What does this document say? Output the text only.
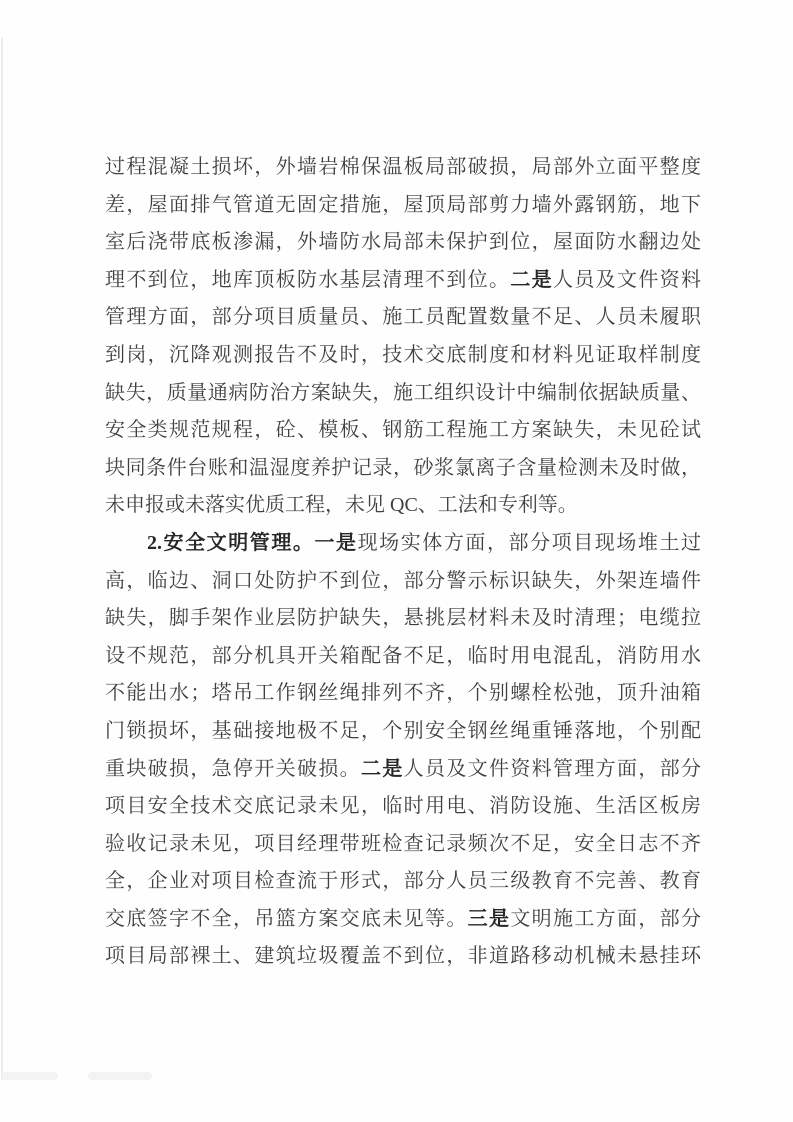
过程混凝土损坏，外墙岩棉保温板局部破损，局部外立面平整度
差，屋面排气管道无固定措施，屋顶局部剪力墙外露钢筋，地下
室后浇带底板渗漏，外墙防水局部未保护到位，屋面防水翻边处
理不到位，地库顶板防水基层清理不到位。二是人员及文件资料
管理方面，部分项目质量员、施工员配置数量不足、人员未履职
到岗，沉降观测报告不及时，技术交底制度和材料见证取样制度
缺失，质量通病防治方案缺失，施工组织设计中编制依据缺质量、
安全类规范规程，砼、模板、钢筋工程施工方案缺失，未见砼试
块同条件台账和温湿度养护记录，砂浆氯离子含量检测未及时做，
未申报或未落实优质工程，未见 QC、工法和专利等。
2.安全文明管理。一是现场实体方面，部分项目现场堆土过
高，临边、洞口处防护不到位，部分警示标识缺失，外架连墙件
缺失，脚手架作业层防护缺失，悬挑层材料未及时清理；电缆拉
设不规范，部分机具开关箱配备不足，临时用电混乱，消防用水
不能出水；塔吊工作钢丝绳排列不齐，个别螺栓松弛，顶升油箱
门锁损坏，基础接地极不足，个别安全钢丝绳重锤落地，个别配
重块破损，急停开关破损。二是人员及文件资料管理方面，部分
项目安全技术交底记录未见，临时用电、消防设施、生活区板房
验收记录未见，项目经理带班检查记录频次不足，安全日志不齐
全，企业对项目检查流于形式，部分人员三级教育不完善、教育
交底签字不全，吊篮方案交底未见等。三是文明施工方面，部分
项目局部裸土、建筑垃圾覆盖不到位，非道路移动机械未悬挂环
